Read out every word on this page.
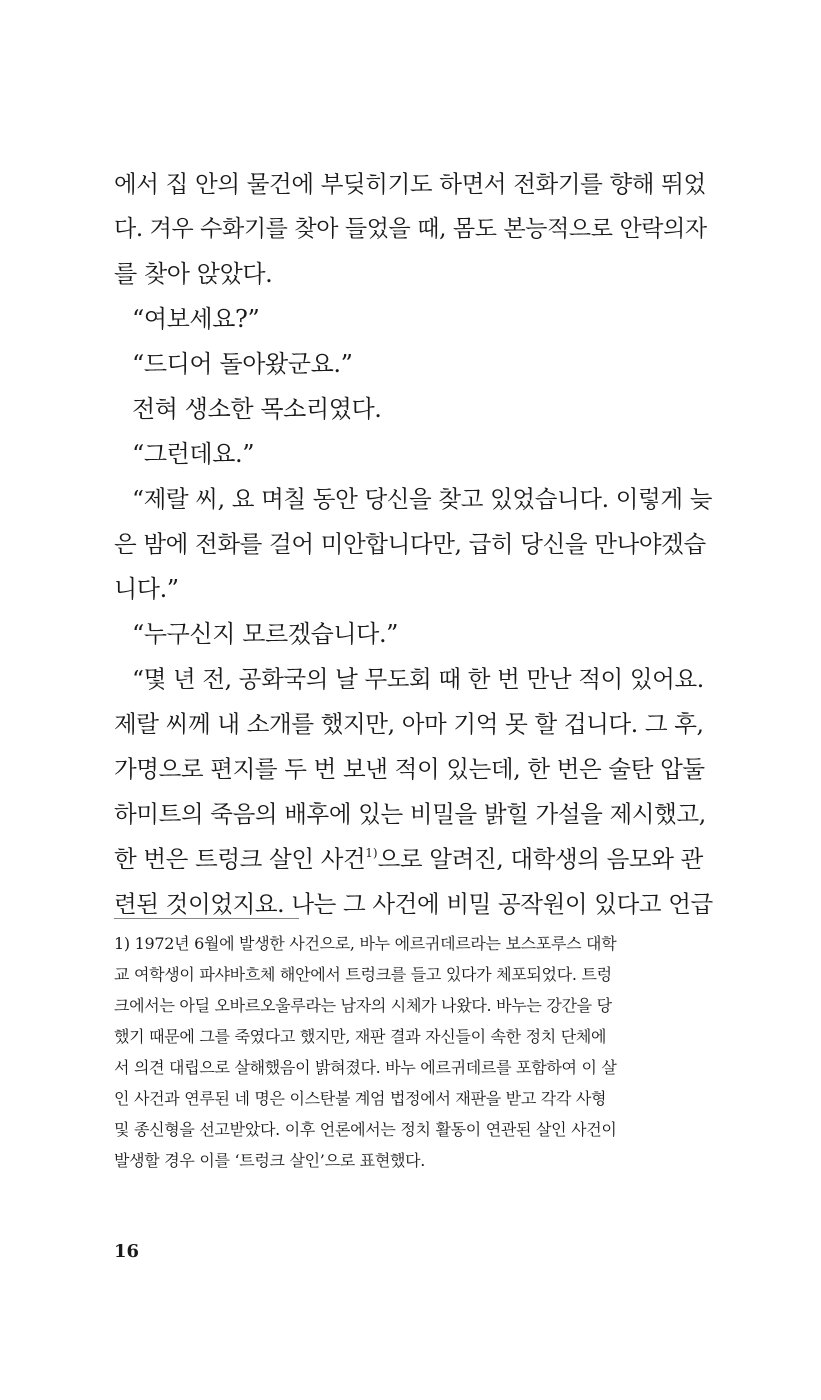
에서 집 안의 물건에 부딪히기도 하면서 전화기를 향해 뛰었
다. 겨우 수화기를 찾아 들었을 때, 몸도 본능적으로 안락의자
를 찾아 앉았다.
“여보세요?”
“드디어 돌아왔군요.”
전혀 생소한 목소리였다.
“그런데요.”
“제랄 씨, 요 며칠 동안 당신을 찾고 있었습니다. 이렇게 늦
은 밤에 전화를 걸어 미안합니다만, 급히 당신을 만나야겠습
니다.”
“누구신지 모르겠습니다.”
“몇 년 전, 공화국의 날 무도회 때 한 번 만난 적이 있어요.
제랄 씨께 내 소개를 했지만, 아마 기억 못 할 겁니다. 그 후,
가명으로 편지를 두 번 보낸 적이 있는데, 한 번은 술탄 압둘
하미트의 죽음의 배후에 있는 비밀을 밝힐 가설을 제시했고,
한 번은 트렁크 살인 사건$^{1)}$으로 알려진, 대학생의 음모와 관
련된 것이었지요. 나는 그 사건에 비밀 공작원이 있다고 언급
1) 1972년 6월에 발생한 사건으로, 바누 에르귀데르라는 보스포루스 대학
교 여학생이 파샤바흐체 해안에서 트렁크를 들고 있다가 체포되었다. 트렁
크에서는 아딜 오바르오울루라는 남자의 시체가 나왔다. 바누는 강간을 당
했기 때문에 그를 죽였다고 했지만, 재판 결과 자신들이 속한 정치 단체에
서 의견 대립으로 살해했음이 밝혀졌다. 바누 에르귀데르를 포함하여 이 살
인 사건과 연루된 네 명은 이스탄불 계엄 법정에서 재판을 받고 각각 사형
및 종신형을 선고받았다. 이후 언론에서는 정치 활동이 연관된 살인 사건이
발생할 경우 이를 ‘트렁크 살인’으로 표현했다.
16
